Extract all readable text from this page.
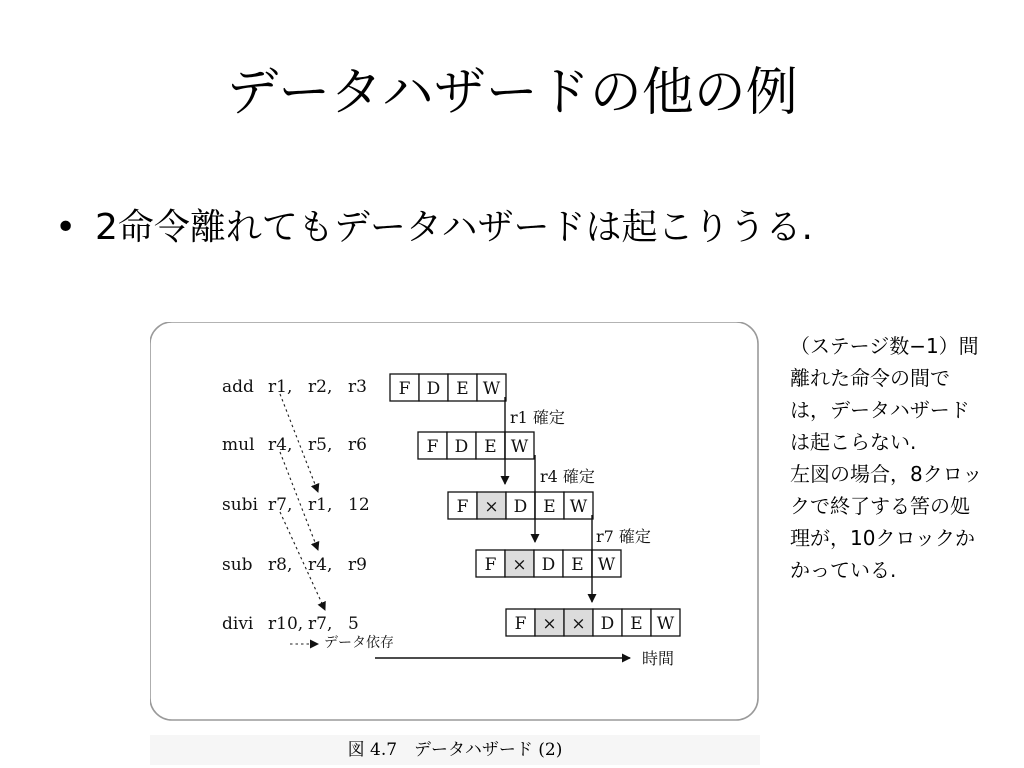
データハザードの他の例
• 2命令離れてもデータハザードは起こりうる.
add r1, r2, r3
mul r4, r5, r6
subi r7, r1, 12
sub r8, r4, r9
divi r10, r7, 5
F D E W
F D E W
F × D E W
F × D E W
F × × D E W
r1 確定
r4 確定
r7 確定
データ依存
時間
図 4.7　データハザード (2)
（ステージ数−1）間
離れた命令の間で
は，データハザード
は起こらない.
左図の場合，8クロッ
クで終了する筈の処
理が，10クロックか
かっている.
